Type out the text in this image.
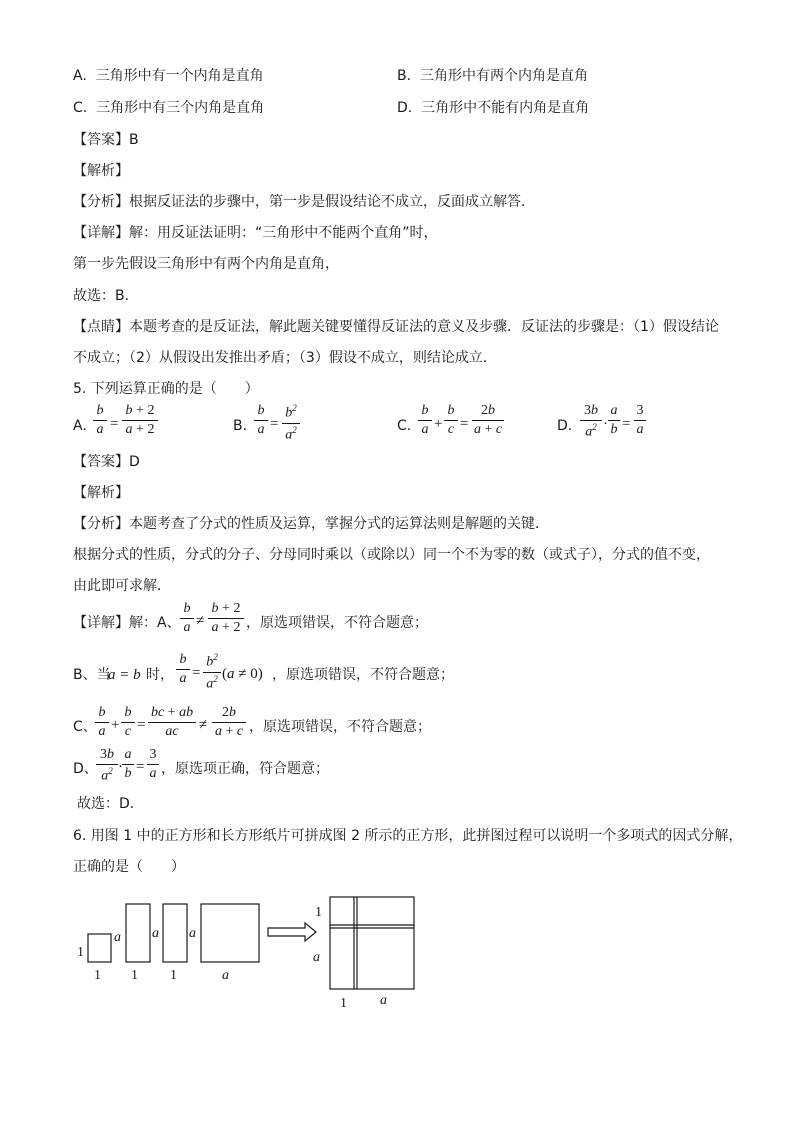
A. 三角形中有一个内角是直角	B. 三角形中有两个内角是直角
C. 三角形中有三个内角是直角	D. 三角形中不能有内角是直角
【答案】B
【解析】
【分析】根据反证法的步骤中，第一步是假设结论不成立，反面成立解答．
【详解】解：用反证法证明：“三角形中不能两个直角”时，
第一步先假设三角形中有两个内角是直角，
故选：B．
【点睛】本题考查的是反证法，解此题关键要懂得反证法的意义及步骤．反证法的步骤是：（1）假设结论
不成立；（2）从假设出发推出矛盾；（3）假设不成立，则结论成立．
5. 下列运算正确的是（　　）
A.
b
a =
b + 2
a + 2	B.
b
a =
$b^2$
$a^2$	C.
b
a +
b
c =
2b
a + c	D.
3b
$a^2$ ·
a
b =
3
a
【答案】D
【解析】
【分析】本题考查了分式的性质及运算，掌握分式的运算法则是解题的关键．
根据分式的性质，分式的分子、分母同时乘以（或除以）同一个不为零的数（或式子），分式的值不变，
由此即可求解．
【详解】解：A、
b
a ≠
b + 2
a + 2 ，原选项错误，不符合题意；
B、当
a = b 时，
b
a =
$b^2$
$a^2$ (a ≠ 0) ，原选项错误，不符合题意；
C、
b
a +
b
c =
bc + ab
ac	≠
2b
a + c ，原选项错误，不符合题意；
D、
3b
$a^2$ ·
a
b =
3
a ，原选项正确，符合题意；
故选：D．
6. 用图 1 中的正方形和长方形纸片可拼成图 2 所示的正方形，此拼图过程可以说明一个多项式的因式分解，
正确的是（　　）
1
1
a
1
a
1
a
a
1
a
1 a
